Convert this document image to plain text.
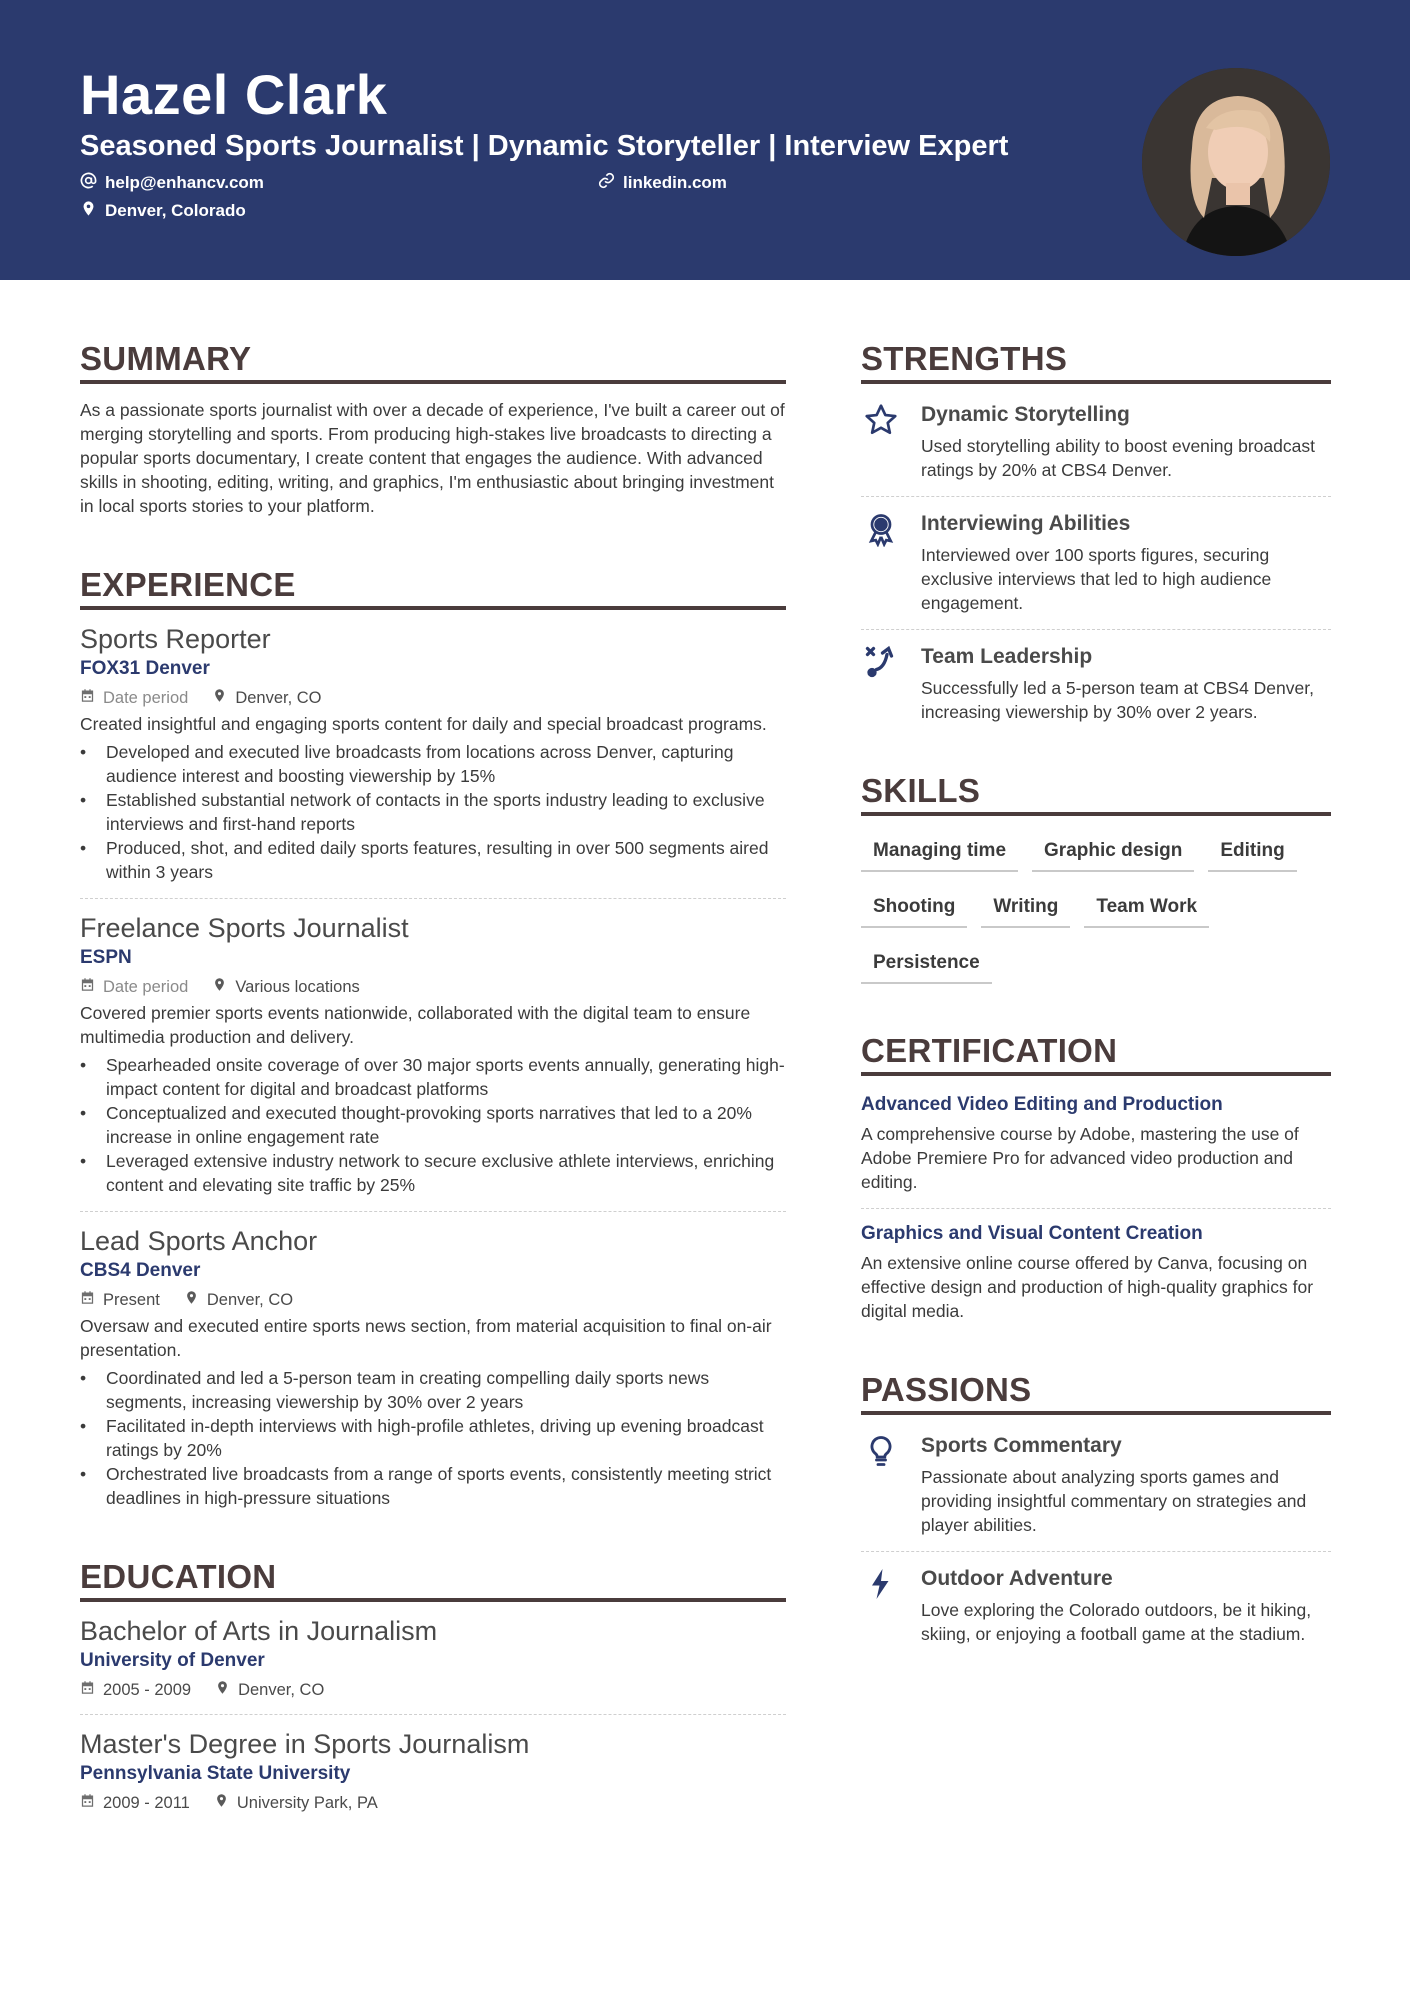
Hazel Clark
Seasoned Sports Journalist | Dynamic Storyteller | Interview Expert
help@enhancv.com	linkedin.com
Denver, Colorado
SUMMARY

As a passionate sports journalist with over a decade of experience, I've built a career out of merging storytelling and sports. From producing high-stakes live broadcasts to directing a popular sports documentary, I create content that engages the audience. With advanced skills in shooting, editing, writing, and graphics, I'm enthusiastic about bringing investment in local sports stories to your platform.

EXPERIENCE
Sports Reporter
FOX31 Denver
Date period	Denver, CO

Created insightful and engaging sports content for daily and special broadcast programs.

• Developed and executed live broadcasts from locations across Denver, capturing audience interest and boosting viewership by 15%
• Established substantial network of contacts in the sports industry leading to exclusive interviews and first-hand reports
• Produced, shot, and edited daily sports features, resulting in over 500 segments aired within 3 years
Freelance Sports Journalist
ESPN
Date period	Various locations

Covered premier sports events nationwide, collaborated with the digital team to ensure multimedia production and delivery.

• Spearheaded onsite coverage of over 30 major sports events annually, generating high-impact content for digital and broadcast platforms
• Conceptualized and executed thought-provoking sports narratives that led to a 20% increase in online engagement rate
• Leveraged extensive industry network to secure exclusive athlete interviews, enriching content and elevating site traffic by 25%
Lead Sports Anchor
CBS4 Denver
Present	Denver, CO

Oversaw and executed entire sports news section, from material acquisition to final on-air presentation.

• Coordinated and led a 5-person team in creating compelling daily sports news segments, increasing viewership by 30% over 2 years
• Facilitated in-depth interviews with high-profile athletes, driving up evening broadcast ratings by 20%
• Orchestrated live broadcasts from a range of sports events, consistently meeting strict deadlines in high-pressure situations
EDUCATION
Bachelor of Arts in Journalism
University of Denver
2005 - 2009	Denver, CO
Master's Degree in Sports Journalism
Pennsylvania State University
2009 - 2011	University Park, PA
STRENGTHS
Dynamic Storytelling

Used storytelling ability to boost evening broadcast ratings by 20% at CBS4 Denver.

Interviewing Abilities

Interviewed over 100 sports figures, securing exclusive interviews that led to high audience engagement.

Team Leadership

Successfully led a 5-person team at CBS4 Denver, increasing viewership by 30% over 2 years.

SKILLS
Managing time	Graphic design	Editing
Shooting	Writing	Team Work
Persistence
CERTIFICATION
Advanced Video Editing and Production

A comprehensive course by Adobe, mastering the use of Adobe Premiere Pro for advanced video production and editing.

Graphics and Visual Content Creation

An extensive online course offered by Canva, focusing on effective design and production of high-quality graphics for digital media.

PASSIONS
Sports Commentary

Passionate about analyzing sports games and providing insightful commentary on strategies and player abilities.

Outdoor Adventure

Love exploring the Colorado outdoors, be it hiking, skiing, or enjoying a football game at the stadium.
